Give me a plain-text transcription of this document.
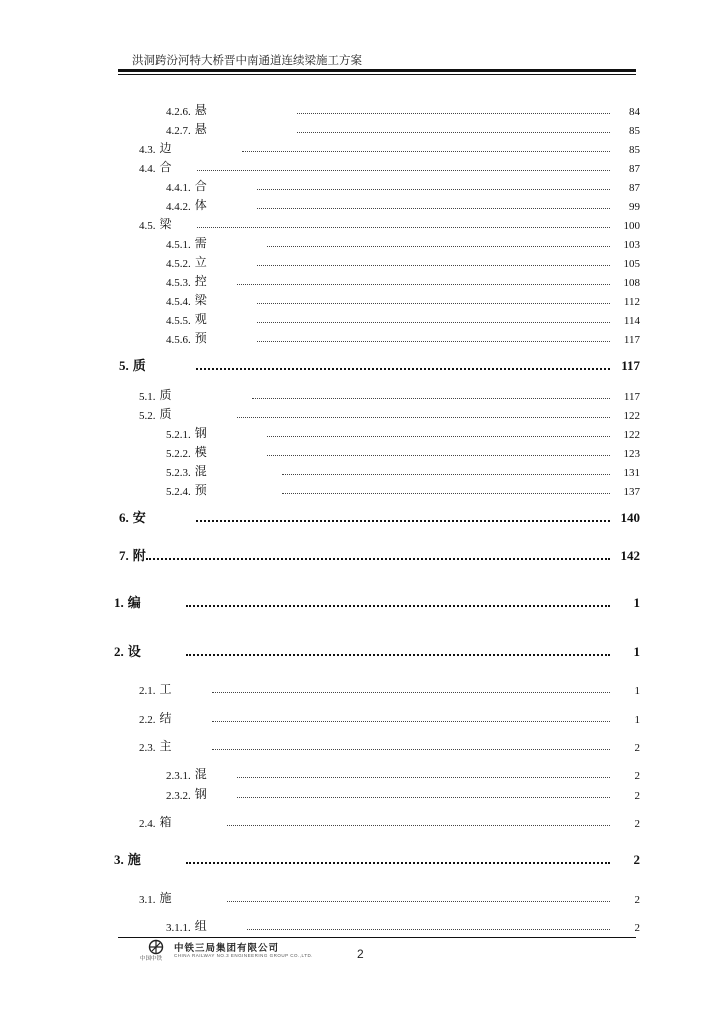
洪洞跨汾河特大桥晋中南通道连续梁施工方案
4.2.6. 悬	84
4.2.7. 悬	85
4.3. 边	85
4.4. 合	87
4.4.1. 合	87
4.4.2. 体	99
4.5. 梁	100
4.5.1. 需	103
4.5.2. 立	105
4.5.3. 控	108
4.5.4. 梁	112
4.5.5. 观	114
4.5.6. 预	117
5. 质	117
5.1. 质	117
5.2. 质	122
5.2.1. 钢	122
5.2.2. 模	123
5.2.3. 混	131
5.2.4. 预	137
6. 安	140
7. 附	142
1. 编	1
2. 设	1
2.1. 工	1
2.2. 结	1
2.3. 主	2
2.3.1. 混	2
2.3.2. 钢	2
2.4. 箱	2
3. 施	2
3.1. 施	2
3.1.1. 组	2
中国中铁
中铁三局集团有限公司
CHINA RAILWAY NO.3 ENGINEERING GROUP CO.,LTD.	2
